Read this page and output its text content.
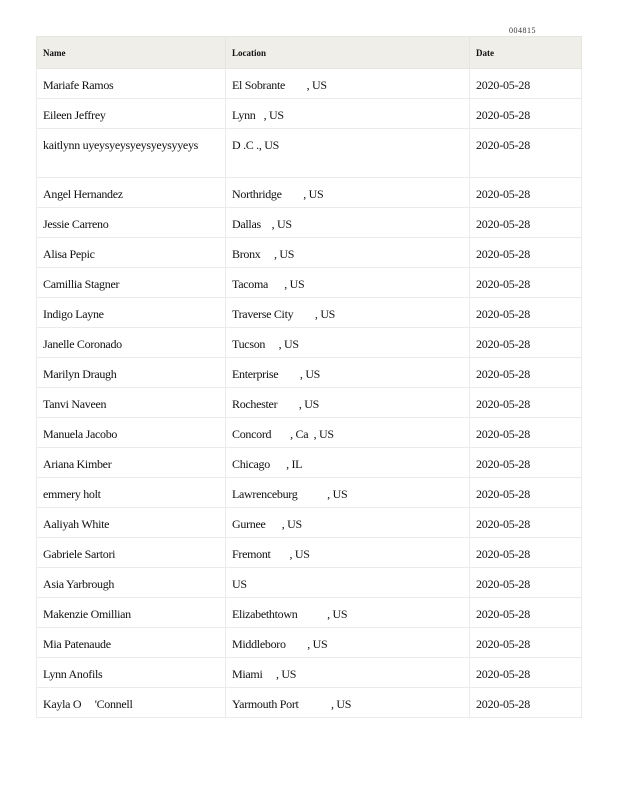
004815
Name	Location	Date
Mariafe Ramos	El Sobrante        , US	2020-05-28
Eileen Jeffrey	Lynn   , US	2020-05-28
kaitlynn uyeysyeysyeysyeysyyeys	D .C ., US	2020-05-28
Angel Hernandez	Northridge        , US	2020-05-28
Jessie Carreno	Dallas    , US	2020-05-28
Alisa Pepic	Bronx     , US	2020-05-28
Camillia Stagner	Tacoma      , US	2020-05-28
Indigo Layne	Traverse City        , US	2020-05-28
Janelle Coronado	Tucson     , US	2020-05-28
Marilyn Draugh	Enterprise        , US	2020-05-28
Tanvi Naveen	Rochester        , US	2020-05-28
Manuela Jacobo	Concord       , Ca  , US	2020-05-28
Ariana Kimber	Chicago      , IL	2020-05-28
emmery holt	Lawrenceburg           , US	2020-05-28
Aaliyah White	Gurnee      , US	2020-05-28
Gabriele Sartori	Fremont       , US	2020-05-28
Asia Yarbrough	US	2020-05-28
Makenzie Omillian	Elizabethtown           , US	2020-05-28
Mia Patenaude	Middleboro        , US	2020-05-28
Lynn Anofils	Miami     , US	2020-05-28
Kayla O     'Connell	Yarmouth Port            , US	2020-05-28
